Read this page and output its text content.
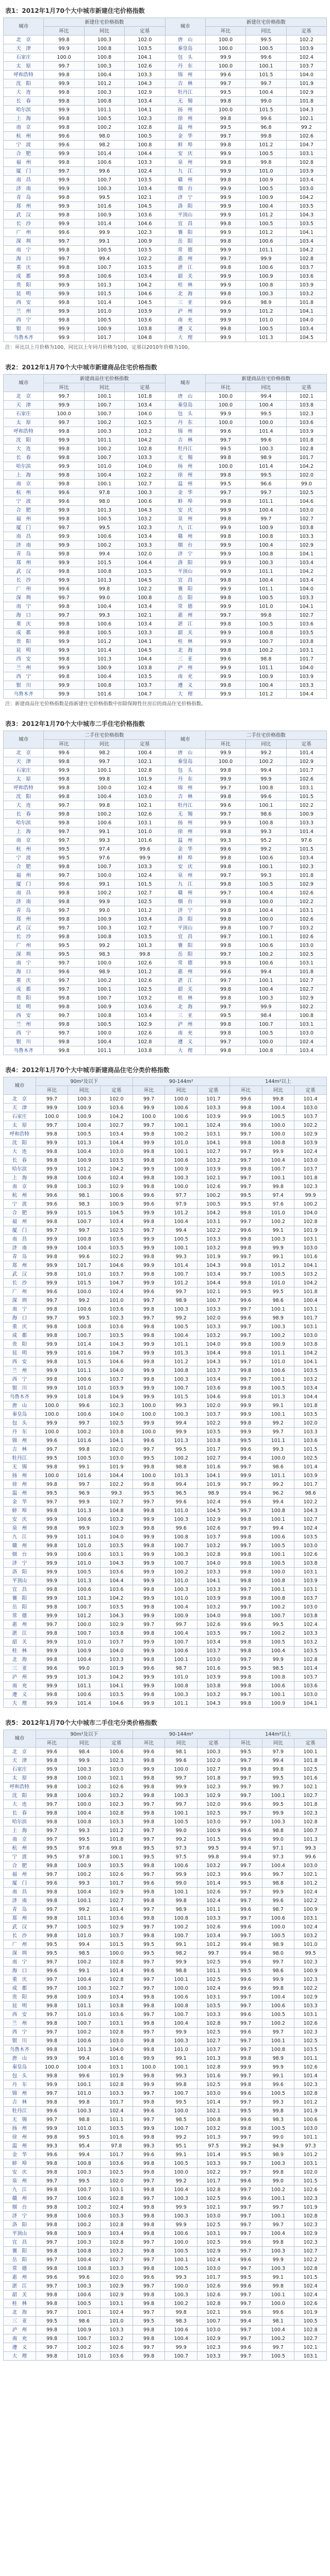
表1：2012年1月70个大中城市新建住宅价格指数
城市	新建住宅价格指数			城市	新建住宅价格指数		
	环比	同比	定基		环比	同比	定基
北　京	99.8	100.3	102.0	唐　山	100.0	99.5	102.2
天　津	99.9	100.8	103.5	秦皇岛	100.0	100.5	103.9
石家庄	100.0	100.8	104.1	包　头	99.9	99.6	102.4
太　原	99.7	100.3	102.6	丹　东	100.0	100.1	103.7
呼和浩特	99.8	100.4	103.3	锦　州	99.6	101.5	104.0
沈　阳	99.9	101.2	104.3	吉　林	99.7	99.7	101.9
大　连	99.8	100.3	102.9	牡丹江	99.5	100.4	102.9
长　春	99.8	100.8	103.4	无　锡	99.8	99.0	101.8
哈尔滨	99.9	101.1	104.1	扬　州	100.0	101.5	104.3
上　海	99.8	100.5	102.3	徐　州	99.8	99.6	102.1
南　京	99.8	100.2	102.8	温　州	99.5	96.8	99.2
杭　州	99.6	98.0	100.5	金　华	99.7	99.8	102.6
宁　波	99.6	98.2	100.8	蚌　埠	99.8	101.2	104.7
合　肥	99.9	101.4	104.4	安　庆	99.9	100.5	103.1
福　州	99.8	100.6	103.3	泉　州	99.8	99.8	102.8
厦　门	99.7	99.6	102.4	九　江	99.9	101.0	103.9
南　昌	99.9	100.7	103.5	赣　州	99.8	100.9	103.4
济　南	99.9	100.3	103.4	烟　台	99.9	100.5	103.0
青　岛	99.8	99.5	102.1	济　宁	99.9	100.9	104.2
郑　州	99.9	101.6	104.5	洛　阳	99.9	100.4	103.5
武　汉	99.8	100.9	103.6	平顶山	99.9	101.2	104.3
长　沙	99.9	101.4	104.6	宜　昌	99.8	100.5	103.5
广　州	99.6	99.9	102.3	襄　阳	99.9	101.2	104.1
深　圳	99.7	99.1	100.9	岳　阳	99.8	100.6	103.4
南　宁	99.8	100.5	103.5	常　德	99.9	101.1	104.2
海　口	99.7	99.4	102.2	惠　州	99.7	99.9	102.8
重　庆	99.8	100.7	103.5	湛　江	99.8	100.6	103.7
成　都	99.8	100.6	103.4	韶　关	99.9	100.9	103.6
贵　阳	99.9	101.3	104.2	桂　林	99.9	100.8	103.9
昆　明	99.9	101.5	104.6	北　海	99.8	100.3	103.2
西　安	99.8	101.4	104.5	三　亚	99.6	98.9	101.8
兰　州	99.9	101.0	103.9	泸　州	99.9	101.2	104.1
西　宁	99.8	100.5	103.6	南　充	99.9	101.0	104.0
银　川	99.9	100.9	103.8	遵　义	99.8	100.5	103.4
乌鲁木齐	99.9	101.7	104.8	大　理	99.9	101.3	104.5
注：环比以上月价格为100，同比以上年同月价格为100，定基以2010年价格为100。
表2：2012年1月70个大中城市新建商品住宅价格指数
城市	新建商品住宅价格指数			城市	新建商品住宅价格指数		
	环比	同比	定基		环比	同比	定基
北　京	99.7	100.1	101.8	唐　山	100.0	99.4	102.1
天　津	99.9	100.7	103.4	秦皇岛	100.0	100.4	103.8
石家庄	100.0	100.7	104.0	包　头	99.9	99.5	102.3
太　原	99.7	100.2	102.5	丹　东	100.0	100.0	103.6
呼和浩特	99.8	100.3	103.2	锦　州	99.6	101.4	103.9
沈　阳	99.9	101.1	104.2	吉　林	99.7	99.6	101.8
大　连	99.8	100.2	102.8	牡丹江	99.5	100.3	102.8
长　春	99.8	100.7	103.3	无　锡	99.8	98.9	101.7
哈尔滨	99.9	101.0	104.0	扬　州	100.0	101.4	104.2
上　海	99.8	100.4	102.2	徐　州	99.8	99.5	102.0
南　京	99.8	100.1	102.7	温　州	99.5	96.6	99.0
杭　州	99.6	97.8	100.3	金　华	99.7	99.7	102.5
宁　波	99.6	98.0	100.6	蚌　埠	99.8	101.1	104.6
合　肥	99.9	101.3	104.3	安　庆	99.9	100.4	103.0
福　州	99.8	100.5	103.2	泉　州	99.8	99.7	102.7
厦　门	99.7	99.5	102.3	九　江	99.9	100.9	103.8
南　昌	99.9	100.6	103.4	赣　州	99.8	100.8	103.3
济　南	99.9	100.2	103.3	烟　台	99.9	100.4	102.9
青　岛	99.8	99.4	102.0	济　宁	99.9	100.8	104.1
郑　州	99.9	101.5	104.4	洛　阳	99.9	100.3	103.4
武　汉	99.8	100.8	103.5	平顶山	99.9	101.1	104.2
长　沙	99.9	101.3	104.5	宜　昌	99.8	100.4	103.4
广　州	99.6	99.8	102.2	襄　阳	99.9	101.1	104.0
深　圳	99.7	99.0	100.8	岳　阳	99.8	100.5	103.3
南　宁	99.8	100.4	103.4	常　德	99.9	101.0	104.1
海　口	99.7	99.3	102.1	惠　州	99.7	99.8	102.7
重　庆	99.8	100.6	103.4	湛　江	99.8	100.5	103.6
成　都	99.8	100.5	103.3	韶　关	99.9	100.8	103.5
贵　阳	99.9	101.2	104.1	桂　林	99.9	100.7	103.8
昆　明	99.9	101.4	104.5	北　海	99.8	100.2	103.1
西　安	99.8	101.3	104.4	三　亚	99.6	98.8	101.7
兰　州	99.9	100.9	103.8	泸　州	99.9	101.1	104.0
西　宁	99.8	100.4	103.5	南　充	99.9	100.9	103.9
银　川	99.9	100.8	103.7	遵　义	99.8	100.4	103.3
乌鲁木齐	99.9	101.6	104.7	大　理	99.9	101.2	104.4
注：新建商品住宅价格指数是指新建住宅价格指数中扣除保障性住房后的商品住宅价格指数。
表3：2012年1月70个大中城市二手住宅价格指数
城市	二手住宅价格指数			城市	二手住宅价格指数		
	环比	同比	定基		环比	同比	定基
北　京	99.6	98.2	100.4	唐　山	99.9	99.2	101.4
天　津	99.8	99.7	102.1	秦皇岛	100.0	100.2	102.9
石家庄	99.9	100.1	102.8	包　头	99.8	99.4	101.7
太　原	99.8	99.8	101.9	丹　东	99.9	99.9	102.6
呼和浩特	99.8	100.0	102.4	锦　州	99.7	100.8	103.1
沈　阳	99.8	100.4	103.0	吉　林	99.8	99.6	101.5
大　连	99.7	99.8	102.1	牡丹江	99.6	100.1	102.2
长　春	99.8	100.2	102.6	无　锡	99.7	98.6	100.9
哈尔滨	99.8	100.6	103.1	扬　州	99.9	100.8	103.3
上　海	99.7	99.1	101.0	徐　州	99.8	99.3	101.4
南　京	99.7	99.3	101.6	温　州	99.3	95.2	97.6
杭　州	99.5	97.4	99.6	金　华	99.6	99.2	101.5
宁　波	99.5	97.6	99.9	蚌　埠	99.8	100.6	103.4
合　肥	99.8	100.7	103.3	安　庆	99.8	100.1	102.3
福　州	99.7	100.0	102.4	泉　州	99.7	99.3	101.8
厦　门	99.6	99.1	101.5	九　江	99.8	100.5	102.9
南　昌	99.8	100.2	102.7	赣　州	99.7	100.4	102.6
济　南	99.8	99.9	102.5	烟　台	99.8	100.0	102.2
青　岛	99.7	99.0	101.2	济　宁	99.8	100.4	103.1
郑　州	99.8	100.9	103.4	洛　阳	99.8	100.0	102.6
武　汉	99.7	100.3	102.7	平顶山	99.8	100.7	103.2
长　沙	99.8	100.8	103.5	宜　昌	99.7	100.1	102.6
广　州	99.5	99.2	101.3	襄　阳	99.8	100.6	103.0
深　圳	99.5	98.3	99.8	岳　阳	99.7	100.2	102.5
南　宁	99.7	100.0	102.6	常　德	99.8	100.6	103.1
海　口	99.6	98.9	101.2	惠　州	99.6	99.4	101.8
重　庆	99.7	100.2	102.6	湛　江	99.7	100.1	102.7
成　都	99.7	100.1	102.5	韶　关	99.8	100.4	102.7
贵　阳	99.8	100.7	103.2	桂　林	99.8	100.3	102.9
昆　明	99.8	100.9	103.6	北　海	99.7	99.9	102.2
西　安	99.7	100.8	103.4	三　亚	99.5	98.4	100.8
兰　州	99.8	100.5	102.9	泸　州	99.8	100.7	103.1
西　宁	99.7	100.0	102.6	南　充	99.8	100.5	103.0
银　川	99.8	100.4	102.8	遵　义	99.7	100.0	102.4
乌鲁木齐	99.8	101.1	103.8	大　理	99.8	100.8	103.4
表4：2012年1月70个大中城市新建商品住宅分类价格指数
城市	90m²及以下			90-144m²			144m²以上		
	环比	同比	定基	环比	同比	定基	环比	同比	定基
北　京	99.7	100.3	102.0	99.7	100.0	101.7	99.6	99.8	101.4
天　津	99.9	100.9	103.6	99.9	100.6	103.3	99.8	100.4	103.0
石家庄	100.0	100.9	104.2	100.0	100.6	103.9	99.9	100.5	103.7
太　原	99.7	100.4	102.7	99.7	100.1	102.4	99.6	100.0	102.2
呼和浩特	99.8	100.5	103.4	99.8	100.2	103.1	99.7	100.0	102.9
沈　阳	99.9	101.3	104.4	99.9	101.0	104.1	99.8	100.8	103.9
大　连	99.8	100.4	103.0	99.8	100.1	102.7	99.7	99.9	102.4
长　春	99.8	100.9	103.5	99.8	100.6	103.2	99.7	100.4	103.0
哈尔滨	99.9	101.2	104.2	99.9	100.9	103.9	99.8	100.7	103.7
上　海	99.8	100.6	102.4	99.8	100.3	102.1	99.7	100.1	101.8
南　京	99.8	100.3	102.9	99.8	100.0	102.6	99.7	99.8	102.3
杭　州	99.6	98.1	100.6	99.6	97.7	100.2	99.5	97.4	99.9
宁　波	99.6	98.3	100.9	99.6	97.9	100.5	99.5	97.6	100.2
合　肥	99.9	101.5	104.5	99.9	101.2	104.2	99.8	101.0	104.0
福　州	99.8	100.7	103.4	99.8	100.4	103.1	99.7	100.2	102.8
厦　门	99.7	99.7	102.5	99.7	99.4	102.2	99.6	99.1	101.9
南　昌	99.9	100.8	103.6	99.9	100.5	103.3	99.8	100.3	103.1
济　南	99.9	100.4	103.5	99.9	100.1	103.2	99.8	99.9	103.0
青　岛	99.8	99.6	102.2	99.8	99.3	101.9	99.7	99.1	101.6
郑　州	99.9	101.7	104.6	99.9	101.4	104.3	99.8	101.2	104.1
武　汉	99.8	101.0	103.7	99.8	100.7	103.4	99.7	100.5	103.2
长　沙	99.9	101.5	104.7	99.9	101.2	104.4	99.8	101.0	104.2
广　州	99.6	100.0	102.4	99.6	99.7	102.1	99.5	99.5	101.8
深　圳	99.7	99.2	101.0	99.7	98.9	100.7	99.6	98.6	100.4
南　宁	99.8	100.6	103.6	99.8	100.3	103.3	99.7	100.1	103.1
海　口	99.7	99.5	102.3	99.7	99.2	102.0	99.6	98.9	101.7
重　庆	99.8	100.8	103.6	99.8	100.5	103.3	99.7	100.3	103.1
成　都	99.8	100.7	103.5	99.8	100.4	103.2	99.7	100.2	103.0
贵　阳	99.9	101.4	104.3	99.9	101.1	104.0	99.8	100.9	103.8
昆　明	99.9	101.6	104.7	99.9	101.3	104.4	99.8	101.1	104.2
西　安	99.8	101.5	104.6	99.8	101.2	104.3	99.7	101.0	104.1
兰　州	99.9	101.1	104.0	99.9	100.8	103.7	99.8	100.6	103.5
西　宁	99.8	100.6	103.7	99.8	100.3	103.4	99.7	100.1	103.2
银　川	99.9	101.0	103.9	99.9	100.7	103.6	99.8	100.5	103.4
乌鲁木齐	99.9	101.8	104.9	99.9	101.5	104.6	99.8	101.3	104.4
唐　山	100.0	99.6	102.3	100.0	99.3	102.0	99.9	99.1	101.8
秦皇岛	100.0	100.6	104.0	100.0	100.3	103.7	99.9	100.1	103.5
包　头	99.9	99.7	102.5	99.9	99.4	102.2	99.8	99.2	102.0
丹　东	100.0	100.2	103.8	100.0	99.9	103.5	99.9	99.7	103.3
锦　州	99.6	101.6	104.1	99.6	101.3	103.8	99.5	101.1	103.6
吉　林	99.7	99.8	102.0	99.7	99.5	101.7	99.6	99.3	101.5
牡丹江	99.5	100.5	103.0	99.5	100.2	102.7	99.4	100.0	102.5
无　锡	99.8	99.1	101.9	99.8	98.8	101.6	99.7	98.6	101.4
扬　州	100.0	101.6	104.4	100.0	101.3	104.1	99.9	101.1	103.9
徐　州	99.8	99.7	102.2	99.8	99.4	101.9	99.7	99.2	101.7
温　州	99.5	96.9	99.3	99.5	96.5	98.9	99.4	96.2	98.6
金　华	99.7	99.9	102.7	99.7	99.6	102.4	99.6	99.4	102.2
蚌　埠	99.8	101.3	104.8	99.8	101.0	104.5	99.7	100.8	104.3
安　庆	99.9	100.6	103.2	99.9	100.3	102.9	99.8	100.1	102.7
泉　州	99.8	99.9	102.9	99.8	99.6	102.6	99.7	99.4	102.4
九　江	99.9	101.1	104.0	99.9	100.8	103.7	99.8	100.6	103.5
赣　州	99.8	101.0	103.5	99.8	100.7	103.2	99.7	100.5	103.0
烟　台	99.9	100.6	103.1	99.9	100.3	102.8	99.8	100.1	102.6
济　宁	99.9	101.0	104.3	99.9	100.7	104.0	99.8	100.5	103.8
洛　阳	99.9	100.5	103.6	99.9	100.2	103.3	99.8	100.0	103.1
平顶山	99.9	101.3	104.4	99.9	101.0	104.1	99.8	100.8	103.9
宜　昌	99.8	100.6	103.6	99.8	100.3	103.3	99.7	100.1	103.1
襄　阳	99.9	101.3	104.2	99.9	101.0	103.9	99.8	100.8	103.7
岳　阳	99.8	100.7	103.5	99.8	100.4	103.2	99.7	100.2	103.0
常　德	99.9	101.2	104.3	99.9	100.9	104.0	99.8	100.7	103.8
惠　州	99.7	100.0	102.9	99.7	99.7	102.6	99.6	99.5	102.4
湛　江	99.8	100.7	103.8	99.8	100.4	103.5	99.7	100.2	103.3
韶　关	99.9	101.0	103.7	99.9	100.7	103.4	99.8	100.5	103.2
桂　林	99.9	100.9	104.0	99.9	100.6	103.7	99.8	100.4	103.5
北　海	99.8	100.4	103.3	99.8	100.1	103.0	99.7	99.9	102.8
三　亚	99.6	99.0	101.9	99.6	98.7	101.6	99.5	98.5	101.4
泸　州	99.9	101.3	104.2	99.9	101.0	103.9	99.8	100.8	103.7
南　充	99.9	101.1	104.1	99.9	100.8	103.8	99.8	100.6	103.6
遵　义	99.8	100.6	103.5	99.8	100.3	103.2	99.7	100.1	103.0
大　理	99.9	101.4	104.6	99.9	101.1	104.3	99.8	100.9	104.1
表5：2012年1月70个大中城市二手住宅分类价格指数
城市	90m²及以下			90-144m²			144m²以上		
	环比	同比	定基	环比	同比	定基	环比	同比	定基
北　京	99.6	98.4	100.6	99.6	98.1	100.3	99.5	97.9	100.1
天　津	99.8	99.9	102.3	99.8	99.6	102.0	99.7	99.4	101.8
石家庄	99.9	100.3	103.0	99.9	100.0	102.7	99.8	99.8	102.5
太　原	99.8	100.0	102.1	99.8	99.7	101.8	99.7	99.5	101.6
呼和浩特	99.8	100.2	102.6	99.8	99.9	102.3	99.7	99.7	102.1
沈　阳	99.8	100.6	103.2	99.8	100.3	102.9	99.7	100.1	102.7
大　连	99.7	100.0	102.3	99.7	99.7	102.0	99.6	99.5	101.8
长　春	99.8	100.4	102.8	99.8	100.1	102.5	99.7	99.9	102.3
哈尔滨	99.8	100.8	103.3	99.8	100.5	103.0	99.7	100.3	102.8
上　海	99.7	99.3	101.2	99.7	99.0	100.9	99.6	98.8	100.7
南　京	99.7	99.5	101.8	99.7	99.2	101.5	99.6	99.0	101.3
杭　州	99.5	97.6	99.8	99.5	97.3	99.5	99.4	97.1	99.3
宁　波	99.5	97.8	100.1	99.5	97.5	99.8	99.4	97.3	99.6
合　肥	99.8	100.9	103.5	99.8	100.6	103.2	99.7	100.4	103.0
福　州	99.7	100.2	102.6	99.7	99.9	102.3	99.6	99.7	102.1
厦　门	99.6	99.3	101.7	99.6	99.0	101.4	99.5	98.8	101.2
南　昌	99.8	100.4	102.9	99.8	100.1	102.6	99.7	99.9	102.4
济　南	99.8	100.1	102.7	99.8	99.8	102.4	99.7	99.6	102.2
青　岛	99.7	99.2	101.4	99.7	98.9	101.1	99.6	98.7	100.9
郑　州	99.8	101.1	103.6	99.8	100.8	103.3	99.7	100.6	103.1
武　汉	99.7	100.5	102.9	99.7	100.2	102.6	99.6	100.0	102.4
长　沙	99.8	101.0	103.7	99.8	100.7	103.4	99.7	100.5	103.2
广　州	99.5	99.4	101.5	99.5	99.1	101.2	99.4	98.9	101.0
深　圳	99.5	98.5	100.0	99.5	98.2	99.7	99.4	98.0	99.5
南　宁	99.7	100.2	102.8	99.7	99.9	102.5	99.6	99.7	102.3
海　口	99.6	99.1	101.4	99.6	98.8	101.1	99.5	98.6	100.9
重　庆	99.7	100.4	102.8	99.7	100.1	102.5	99.6	99.9	102.3
成　都	99.7	100.3	102.7	99.7	100.0	102.4	99.6	99.8	102.2
贵　阳	99.8	100.9	103.4	99.8	100.6	103.1	99.7	100.4	102.9
昆　明	99.8	101.1	103.8	99.8	100.8	103.5	99.7	100.6	103.3
西　安	99.7	101.0	103.6	99.7	100.7	103.3	99.6	100.5	103.1
兰　州	99.8	100.7	103.1	99.8	100.4	102.8	99.7	100.2	102.6
西　宁	99.7	100.2	102.8	99.7	99.9	102.5	99.6	99.7	102.3
银　川	99.8	100.6	103.0	99.8	100.3	102.7	99.7	100.1	102.5
乌鲁木齐	99.8	101.3	104.0	99.8	101.0	103.7	99.7	100.8	103.5
唐　山	99.9	99.4	101.6	99.9	99.1	101.3	99.8	98.9	101.1
秦皇岛	100.0	100.4	103.1	100.0	100.1	102.8	99.9	99.9	102.6
包　头	99.8	99.6	101.9	99.8	99.3	101.6	99.7	99.1	101.4
丹　东	99.9	100.1	102.8	99.9	99.8	102.5	99.8	99.6	102.3
锦　州	99.7	101.0	103.3	99.7	100.7	103.0	99.6	100.5	102.8
吉　林	99.8	99.8	101.7	99.8	99.5	101.4	99.7	99.3	101.2
牡丹江	99.6	100.3	102.4	99.6	100.0	102.1	99.5	99.8	101.9
无　锡	99.7	98.8	101.1	99.7	98.5	100.8	99.6	98.3	100.6
扬　州	99.9	101.0	103.5	99.9	100.7	103.2	99.8	100.5	103.0
徐　州	99.8	99.5	101.6	99.8	99.2	101.3	99.7	99.0	101.1
温　州	99.3	95.4	97.8	99.3	95.1	97.5	99.2	94.9	97.3
金　华	99.6	99.4	101.7	99.6	99.1	101.4	99.5	98.9	101.2
蚌　埠	99.8	100.8	103.6	99.8	100.5	103.3	99.7	100.3	103.1
安　庆	99.8	100.3	102.5	99.8	100.0	102.2	99.7	99.8	102.0
泉　州	99.7	99.5	102.0	99.7	99.2	101.7	99.6	99.0	101.5
九　江	99.8	100.7	103.1	99.8	100.4	102.8	99.7	100.2	102.6
赣　州	99.7	100.6	102.8	99.7	100.3	102.5	99.6	100.1	102.3
烟　台	99.8	100.2	102.4	99.8	99.9	102.1	99.7	99.7	101.9
济　宁	99.8	100.6	103.3	99.8	100.3	103.0	99.7	100.1	102.8
洛　阳	99.8	100.2	102.8	99.8	99.9	102.5	99.7	99.7	102.3
平顶山	99.8	100.9	103.4	99.8	100.6	103.1	99.7	100.4	102.9
宜　昌	99.7	100.3	102.8	99.7	100.0	102.5	99.6	99.8	102.3
襄　阳	99.8	100.8	103.2	99.8	100.5	102.9	99.7	100.3	102.7
岳　阳	99.7	100.4	102.7	99.7	100.1	102.4	99.6	99.9	102.2
常　德	99.8	100.8	103.3	99.8	100.5	103.0	99.7	100.3	102.8
惠　州	99.6	99.6	102.0	99.6	99.3	101.7	99.5	99.1	101.5
湛　江	99.7	100.3	102.9	99.7	100.0	102.6	99.6	99.8	102.4
韶　关	99.8	100.6	102.9	99.8	100.3	102.6	99.7	100.1	102.4
桂　林	99.8	100.5	103.1	99.8	100.2	102.8	99.7	100.0	102.6
北　海	99.7	100.1	102.4	99.7	99.8	102.1	99.6	99.6	101.9
三　亚	99.5	98.6	101.0	99.5	98.3	100.7	99.4	98.1	100.5
泸　州	99.8	100.9	103.3	99.8	100.6	103.0	99.7	100.4	102.8
南　充	99.8	100.7	103.2	99.8	100.4	102.9	99.7	100.2	102.7
遵　义	99.7	100.2	102.6	99.7	99.9	102.3	99.6	99.7	102.1
大　理	99.8	101.0	103.6	99.8	100.7	103.3	99.7	100.5	103.1
